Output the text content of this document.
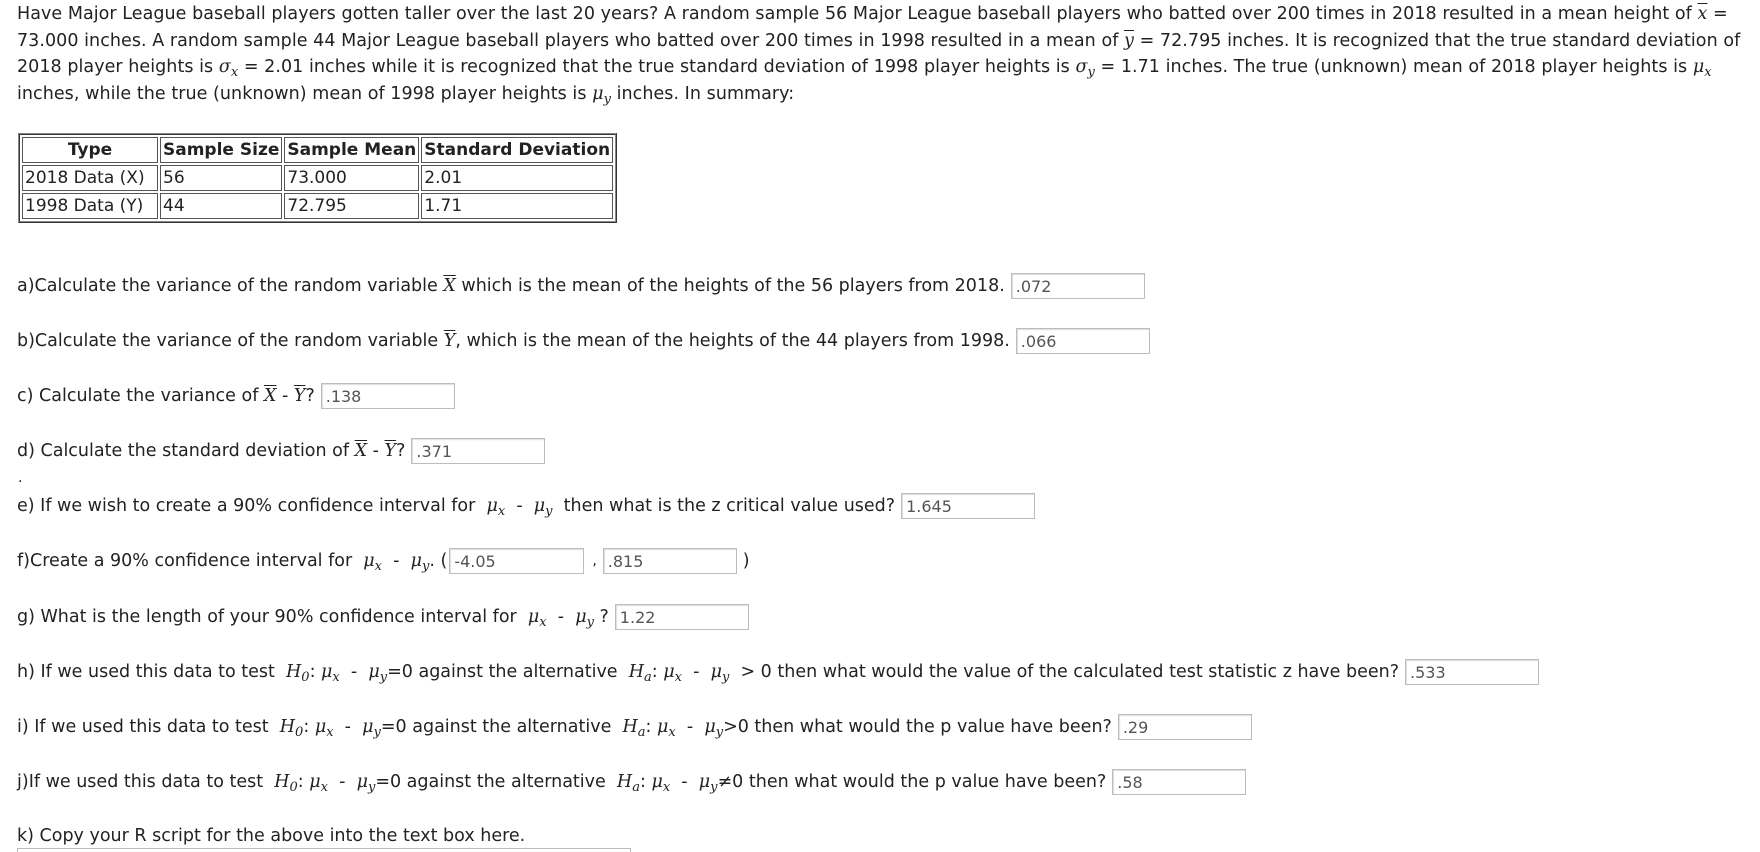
Have Major League baseball players gotten taller over the last 20 years? A random sample 56 Major League baseball players who batted over 200 times in 2018 resulted in a mean height of $\overline{x} = 73.000$ inches. A random sample 44 Major League baseball players who batted over 200 times in 1998 resulted in a mean of $\overline{y} = 72.795$ inches. It is recognized that the true standard deviation of 2018 player heights is $\sigma_x = 2.01$ inches while it is recognized that the true standard deviation of 1998 player heights is $\sigma_y = 1.71$ inches. The true (unknown) mean of 2018 player heights is $\mu_x$ inches, while the true (unknown) mean of 1998 player heights is $\mu_y$ inches. In summary:
Type	Sample Size	Sample Mean	Standard Deviation
2018 Data (X)	56	73.000	2.01
1998 Data (Y)	44	72.795	1.71
a)Calculate the variance of the random variable
$\overline{X}$
which is the mean of the heights of the 56 players from 2018. .072
b)Calculate the variance of the random variable
$\overline{Y}$ , which is the mean of the heights of the 44 players from 1998. .066
c) Calculate the variance of
$\overline{X} - \overline{Y}$ ? .138
d) Calculate the standard deviation of
$\overline{X} - \overline{Y}$ ? .371
.
e) If we wish to create a 90% confidence interval for
$\mu_x$
-
$\mu_y$
then what is the z critical value used? 1.645
f)Create a 90% confidence interval for
$\mu_x$
-
$\mu_y$ . ( -4.05	, .815	)
g) What is the length of your 90% confidence interval for
$\mu_x$
-
$\mu_y$
? 1.22
h) If we used this data to test
$H_0$ :
$\mu_x$
-
$\mu_y =0$ against the alternative
$H_a$ :
$\mu_x$
-
$\mu_y$
> 0 then what would the value of the calculated test statistic z have been? .533
i) If we used this data to test
$H_0$ :
$\mu_x$
-
$\mu_y =0$ against the alternative
$H_a$ :
$\mu_x$
-
$\mu_y >0$ then what would the p value have been? .29
j)If we used this data to test
$H_0$ :
$\mu_x$
-
$\mu_y =0$ against the alternative
$H_a$ :
$\mu_x$
-
$\mu_y \ne 0$ then what would the p value have been? .58
k) Copy your R script for the above into the text box here.
